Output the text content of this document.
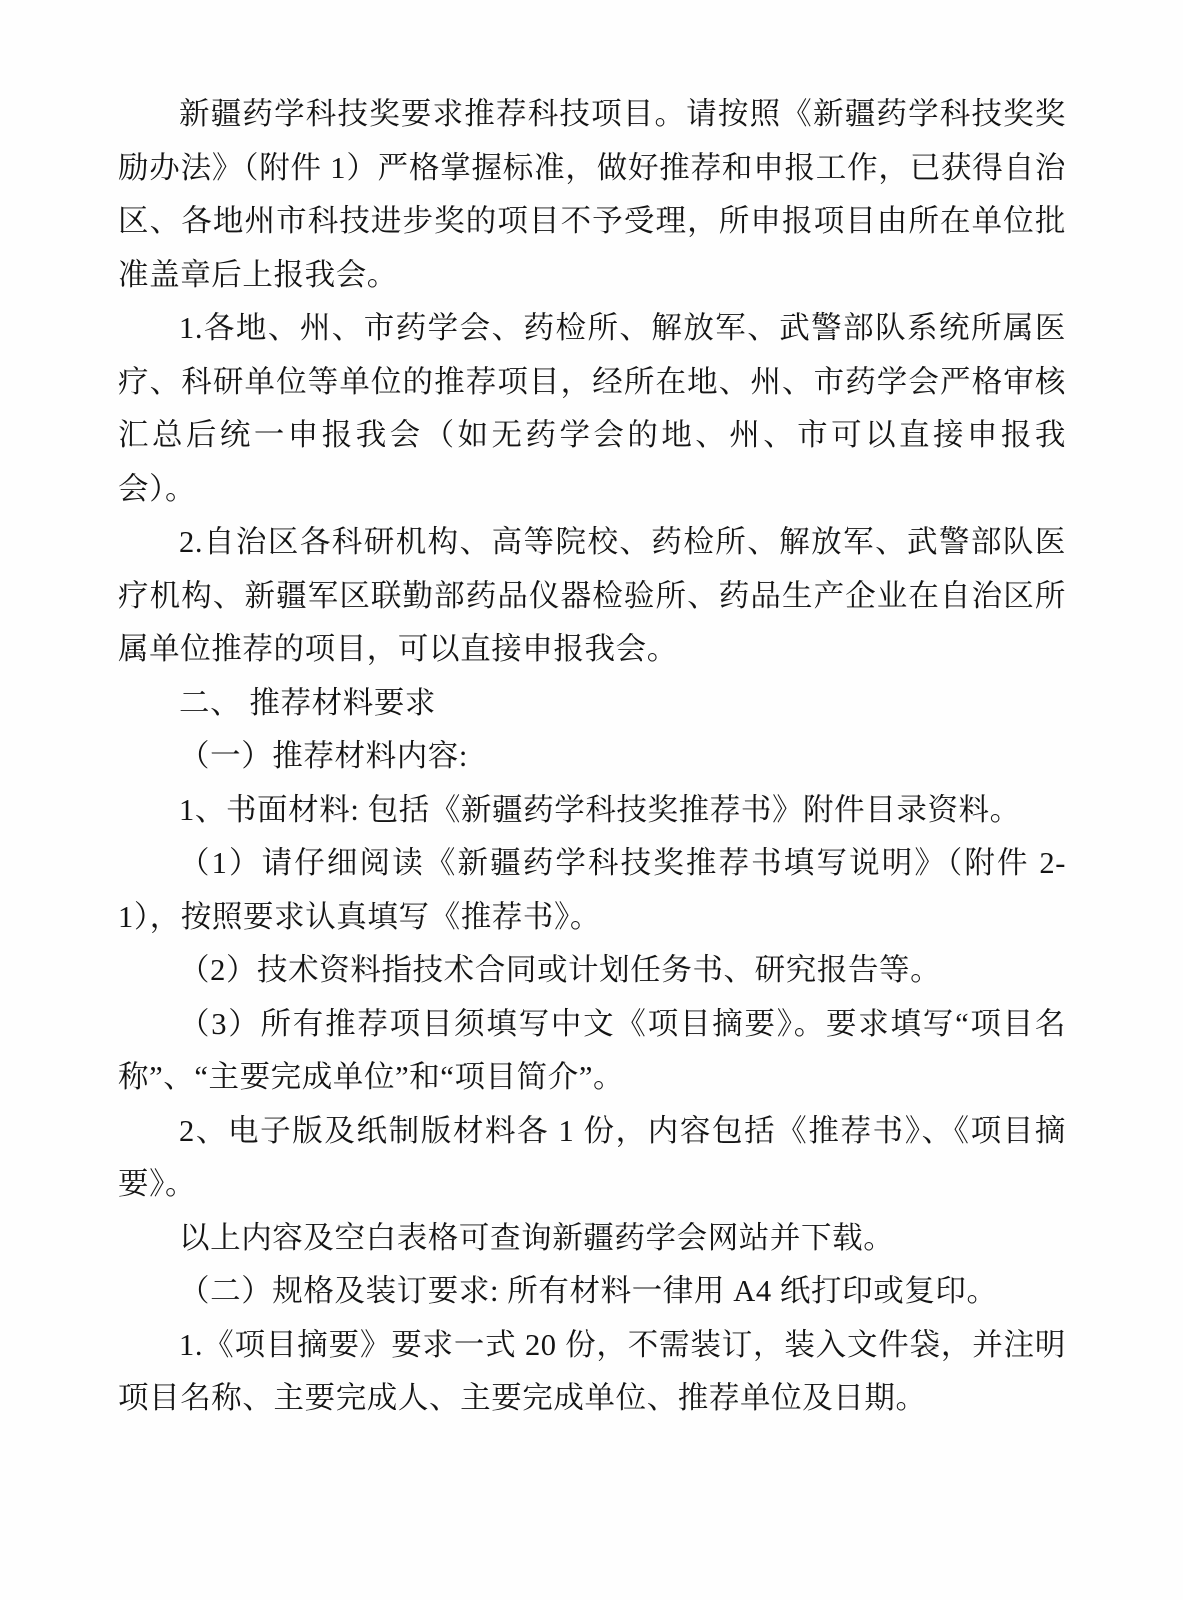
新疆药学科技奖要求推荐科技项目。请按照《新疆药学科技奖奖励办法》（附件 1）严格掌握标准，做好推荐和申报工作，已获得自治区、各地州市科技进步奖的项目不予受理，所申报项目由所在单位批准盖章后上报我会。

1.各地、州、市药学会、药检所、解放军、武警部队系统所属医疗、科研单位等单位的推荐项目，经所在地、州、市药学会严格审核汇总后统一申报我会（如无药学会的地、州、市可以直接申报我会）。

2.自治区各科研机构、高等院校、药检所、解放军、武警部队医疗机构、新疆军区联勤部药品仪器检验所、药品生产企业在自治区所属单位推荐的项目，可以直接申报我会。

二、 推荐材料要求

（一）推荐材料内容:

1、书面材料: 包括《新疆药学科技奖推荐书》附件目录资料。

（1）请仔细阅读《新疆药学科技奖推荐书填写说明》（附件 2-1），按照要求认真填写《推荐书》。

（2）技术资料指技术合同或计划任务书、研究报告等。

（3）所有推荐项目须填写中文《项目摘要》。要求填写“项目名称”、“主要完成单位”和“项目简介”。

2、电子版及纸制版材料各 1 份，内容包括《推荐书》、《项目摘要》。

以上内容及空白表格可查询新疆药学会网站并下载。

（二）规格及装订要求: 所有材料一律用 A4 纸打印或复印。

1.《项目摘要》要求一式 20 份，不需装订，装入文件袋，并注明项目名称、主要完成人、主要完成单位、推荐单位及日期。
